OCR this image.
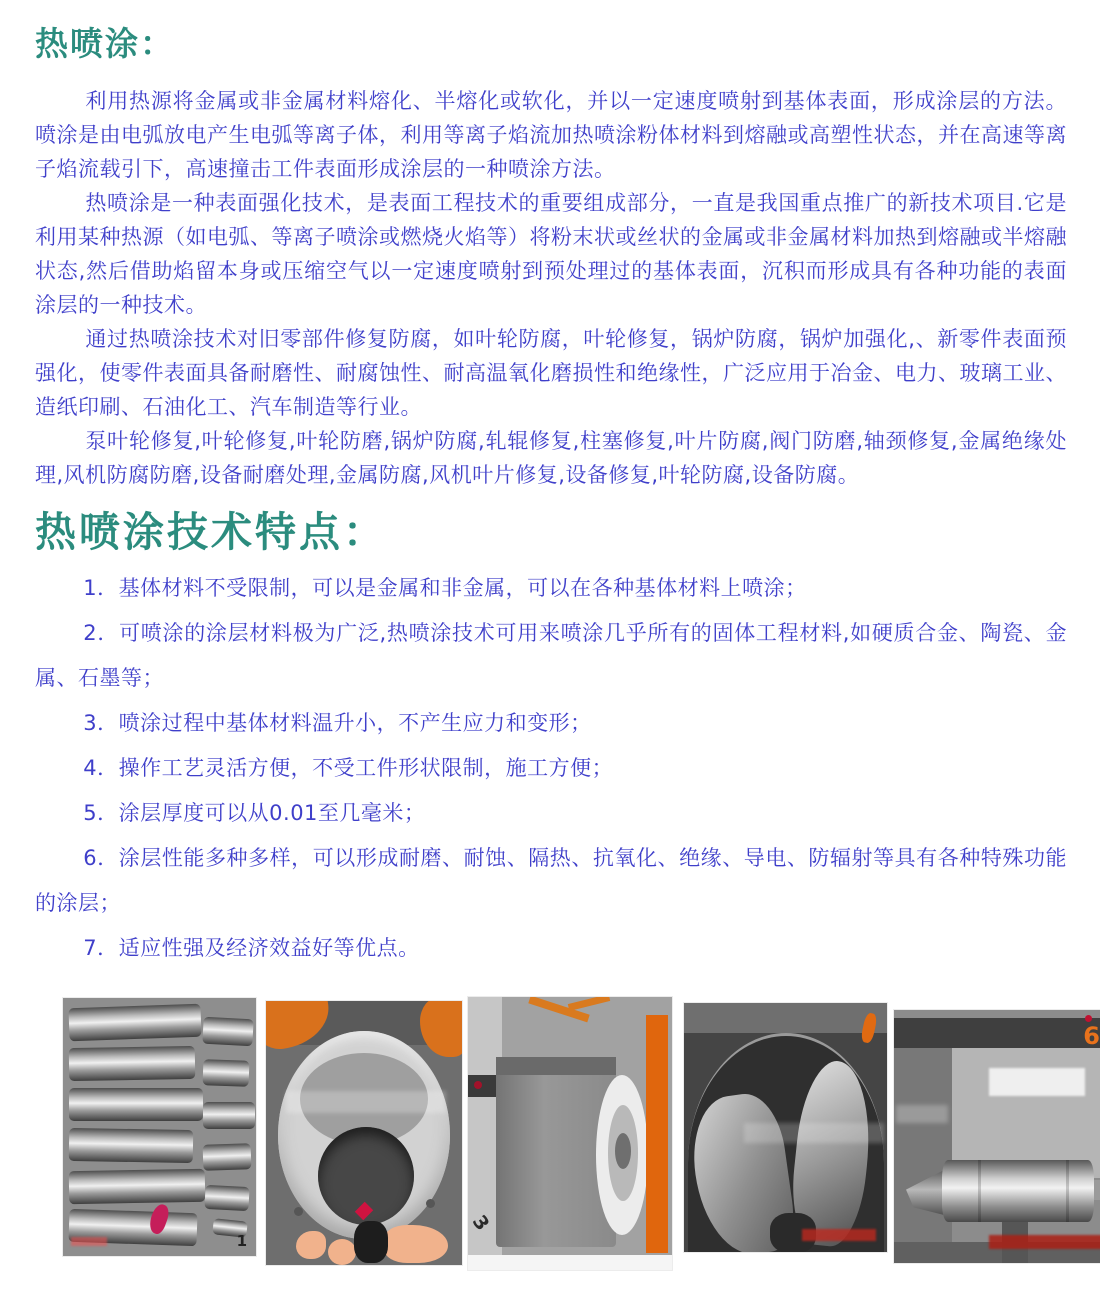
热喷涂：

利用热源将金属或非金属材料熔化、半熔化或软化，并以一定速度喷射到基体表面，形成涂层的方法。喷涂是由电弧放电产生电弧等离子体，利用等离子焰流加热喷涂粉体材料到熔融或高塑性状态，并在高速等离子焰流载引下，高速撞击工件表面形成涂层的一种喷涂方法。

热喷涂是一种表面强化技术，是表面工程技术的重要组成部分，一直是我国重点推广的新技术项目.它是利用某种热源（如电弧、等离子喷涂或燃烧火焰等）将粉末状或丝状的金属或非金属材料加热到熔融或半熔融状态,然后借助焰留本身或压缩空气以一定速度喷射到预处理过的基体表面，沉积而形成具有各种功能的表面涂层的一种技术。

通过热喷涂技术对旧零部件修复防腐，如叶轮防腐，叶轮修复，锅炉防腐，锅炉加强化,、新零件表面预强化，使零件表面具备耐磨性、耐腐蚀性、耐高温氧化磨损性和绝缘性，广泛应用于冶金、电力、玻璃工业、造纸印刷、石油化工、汽车制造等行业。

泵叶轮修复,叶轮修复,叶轮防磨,锅炉防腐,轧辊修复,柱塞修复,叶片防腐,阀门防磨,轴颈修复,金属绝缘处理,风机防腐防磨,设备耐磨处理,金属防腐,风机叶片修复,设备修复,叶轮防腐,设备防腐。

热喷涂技术特点：

1．基体材料不受限制，可以是金属和非金属，可以在各种基体材料上喷涂；

2．可喷涂的涂层材料极为广泛,热喷涂技术可用来喷涂几乎所有的固体工程材料,如硬质合金、陶瓷、金属、石墨等；

3．喷涂过程中基体材料温升小，不产生应力和变形；

4．操作工艺灵活方便，不受工件形状限制，施工方便；

5．涂层厚度可以从0.01至几毫米；

6．涂层性能多种多样，可以形成耐磨、耐蚀、隔热、抗氧化、绝缘、导电、防辐射等具有各种特殊功能的涂层；

7．适应性强及经济效益好等优点。

1
3
6
